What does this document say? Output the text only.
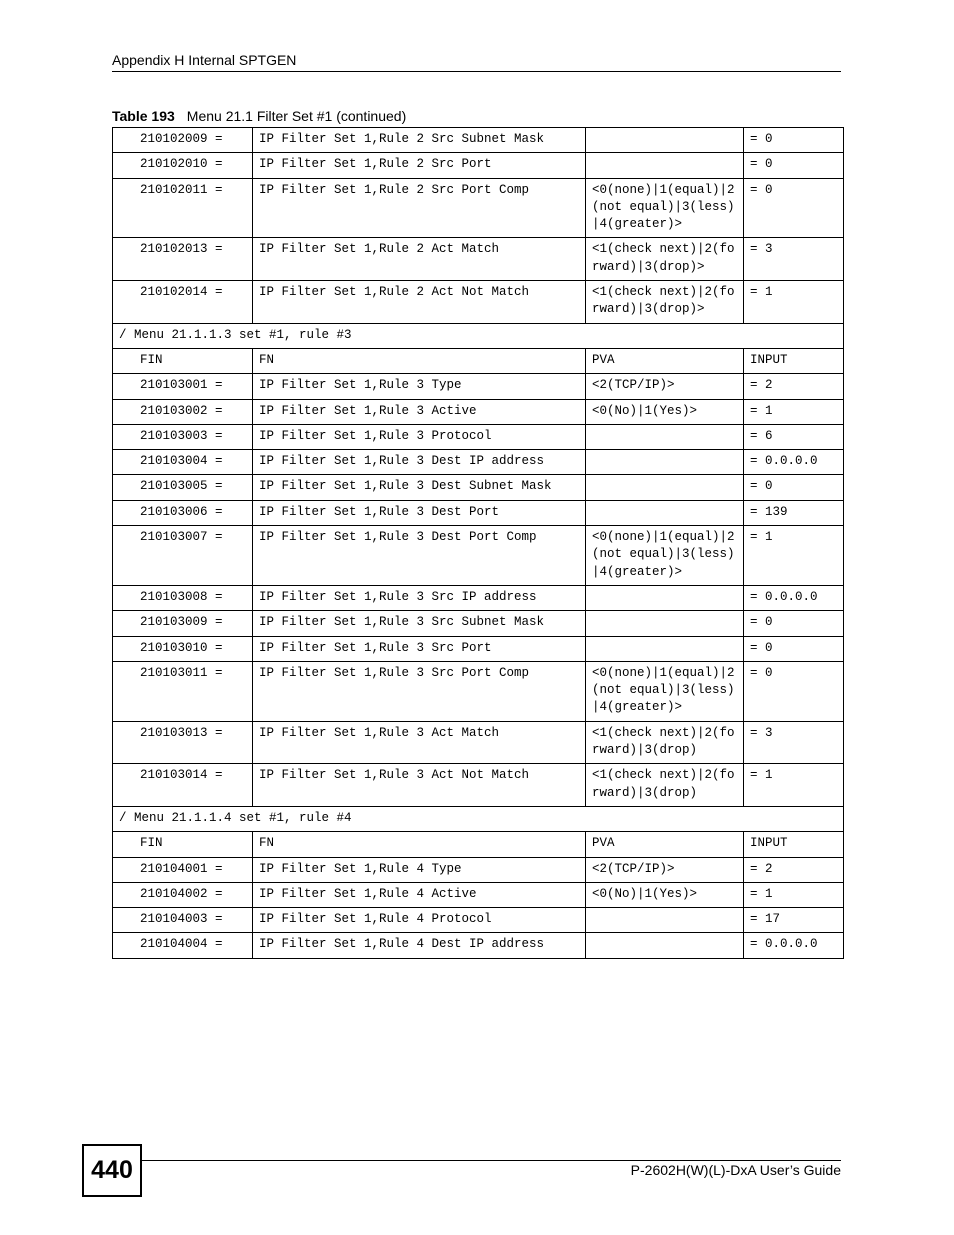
Appendix H Internal SPTGEN
Table 193 Menu 21.1 Filter Set #1 (continued)
210102009 =	IP Filter Set 1,Rule 2 Src Subnet Mask		= 0
210102010 =	IP Filter Set 1,Rule 2 Src Port		= 0
210102011 =	IP Filter Set 1,Rule 2 Src Port Comp	<0(none)|1(equal)|2(not equal)|3(less)|4(greater)>	= 0
210102013 =	IP Filter Set 1,Rule 2 Act Match	<1(check next)|2(forward)|3(drop)>	= 3
210102014 =	IP Filter Set 1,Rule 2 Act Not Match	<1(check next)|2(forward)|3(drop)>	= 1
/ Menu 21.1.1.3 set #1, rule #3			
FIN	FN	PVA	INPUT
210103001 =	IP Filter Set 1,Rule 3 Type	<2(TCP/IP)>	= 2
210103002 =	IP Filter Set 1,Rule 3 Active	<0(No)|1(Yes)>	= 1
210103003 =	IP Filter Set 1,Rule 3 Protocol		= 6
210103004 =	IP Filter Set 1,Rule 3 Dest IP address		= 0.0.0.0
210103005 =	IP Filter Set 1,Rule 3 Dest Subnet Mask		= 0
210103006 =	IP Filter Set 1,Rule 3 Dest Port		= 139
210103007 =	IP Filter Set 1,Rule 3 Dest Port Comp	<0(none)|1(equal)|2(not equal)|3(less)|4(greater)>	= 1
210103008 =	IP Filter Set 1,Rule 3 Src IP address		= 0.0.0.0
210103009 =	IP Filter Set 1,Rule 3 Src Subnet Mask		= 0
210103010 =	IP Filter Set 1,Rule 3 Src Port		= 0
210103011 =	IP Filter Set 1,Rule 3 Src Port Comp	<0(none)|1(equal)|2(not equal)|3(less)|4(greater)>	= 0
210103013 =	IP Filter Set 1,Rule 3 Act Match	<1(check next)|2(forward)|3(drop)	= 3
210103014 =	IP Filter Set 1,Rule 3 Act Not Match	<1(check next)|2(forward)|3(drop)	= 1
/ Menu 21.1.1.4 set #1, rule #4			
FIN	FN	PVA	INPUT
210104001 =	IP Filter Set 1,Rule 4 Type	<2(TCP/IP)>	= 2
210104002 =	IP Filter Set 1,Rule 4 Active	<0(No)|1(Yes)>	= 1
210104003 =	IP Filter Set 1,Rule 4 Protocol		= 17
210104004 =	IP Filter Set 1,Rule 4 Dest IP address		= 0.0.0.0
440	P-2602H(W)(L)-DxA User’s Guide
